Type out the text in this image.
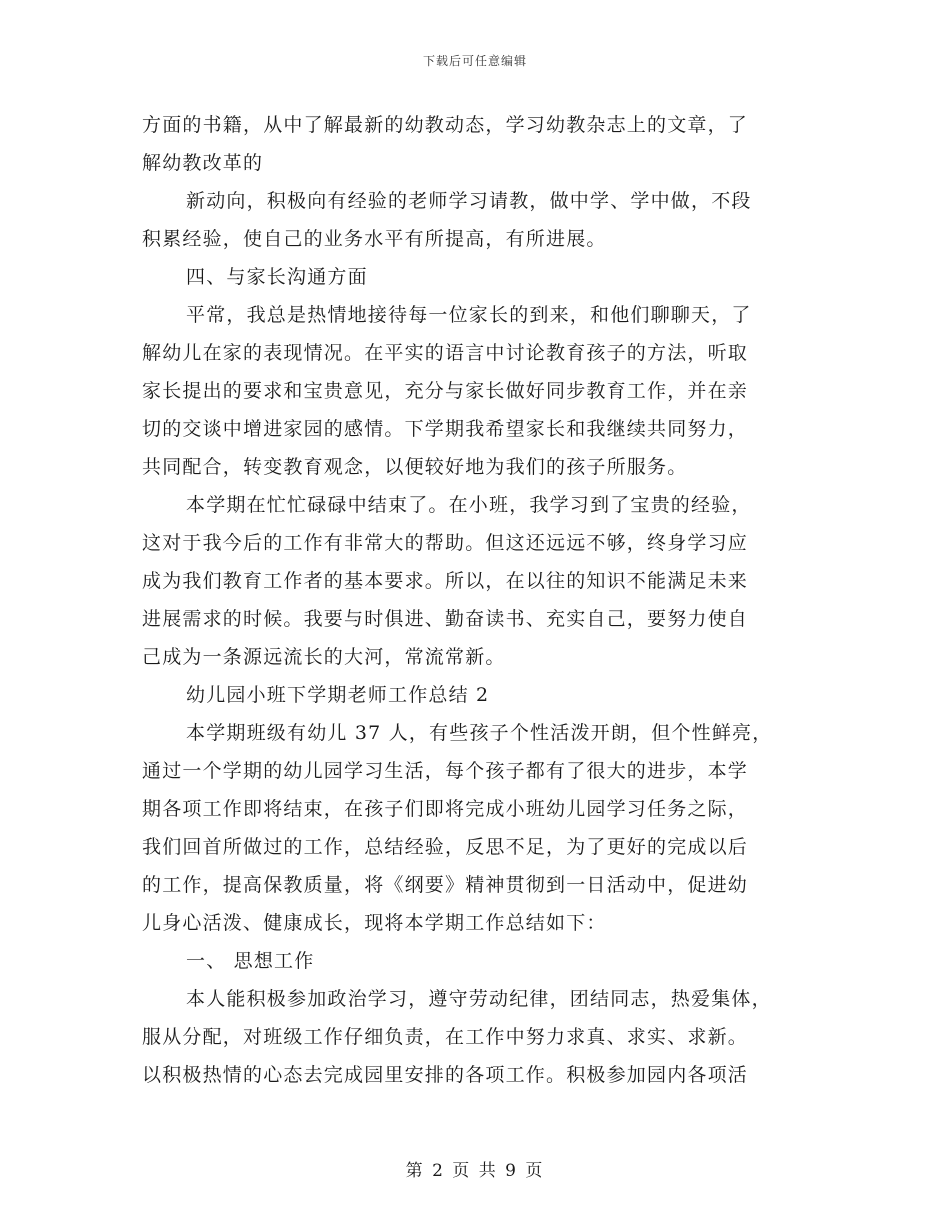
下载后可任意编辑
方面的书籍，从中了解最新的幼教动态，学习幼教杂志上的文章，了
解幼教改革的
新动向，积极向有经验的老师学习请教，做中学、学中做，不段
积累经验，使自己的业务水平有所提高，有所进展。
四、与家长沟通方面
平常，我总是热情地接待每一位家长的到来，和他们聊聊天，了
解幼儿在家的表现情况。在平实的语言中讨论教育孩子的方法，听取
家长提出的要求和宝贵意见，充分与家长做好同步教育工作，并在亲
切的交谈中增进家园的感情。下学期我希望家长和我继续共同努力，
共同配合，转变教育观念，以便较好地为我们的孩子所服务。
本学期在忙忙碌碌中结束了。在小班，我学习到了宝贵的经验，
这对于我今后的工作有非常大的帮助。但这还远远不够，终身学习应
成为我们教育工作者的基本要求。所以，在以往的知识不能满足未来
进展需求的时候。我要与时俱进、勤奋读书、充实自己，要努力使自
己成为一条源远流长的大河，常流常新。
幼儿园小班下学期老师工作总结 2
本学期班级有幼儿 37 人，有些孩子个性活泼开朗，但个性鲜亮，
通过一个学期的幼儿园学习生活，每个孩子都有了很大的进步，本学
期各项工作即将结束，在孩子们即将完成小班幼儿园学习任务之际，
我们回首所做过的工作，总结经验，反思不足，为了更好的完成以后
的工作，提高保教质量，将《纲要》精神贯彻到一日活动中，促进幼
儿身心活泼、健康成长，现将本学期工作总结如下：
一、 思想工作
本人能积极参加政治学习，遵守劳动纪律，团结同志，热爱集体，
服从分配，对班级工作仔细负责，在工作中努力求真、求实、求新。
以积极热情的心态去完成园里安排的各项工作。积极参加园内各项活
第 2 页 共 9 页
